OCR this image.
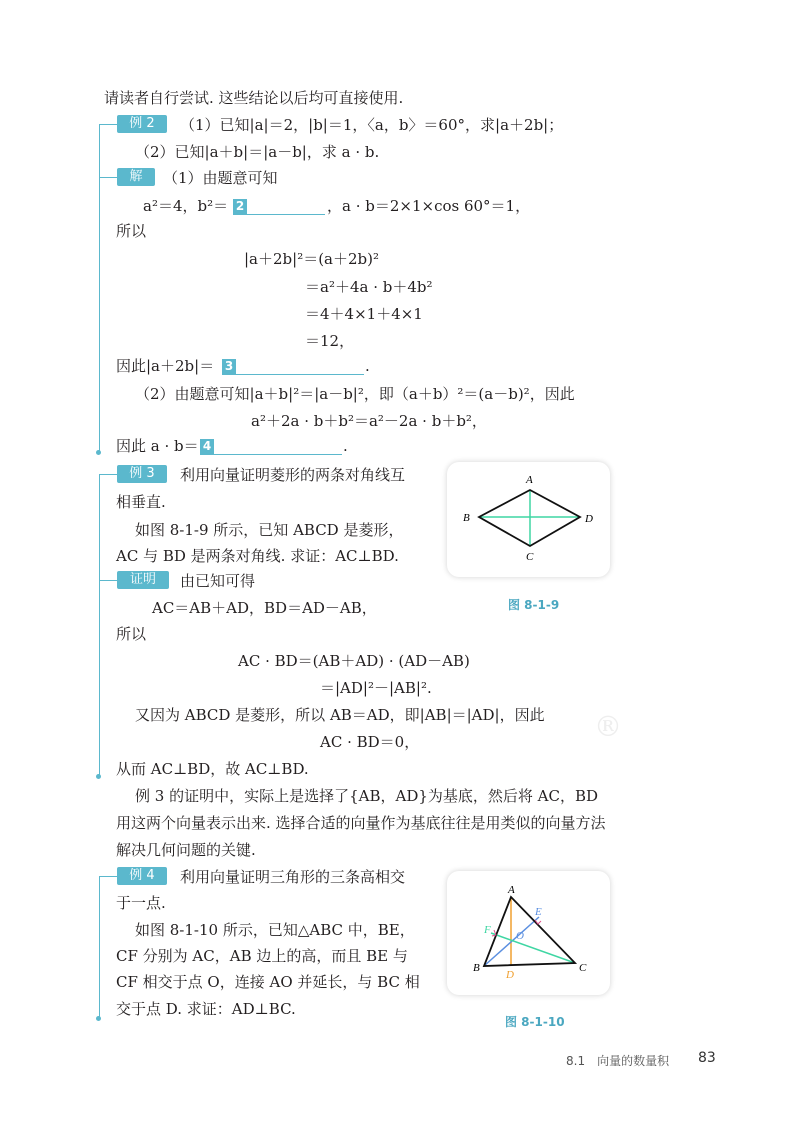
请读者自行尝试. 这些结论以后均可直接使用.
例 2	（1）已知|a|＝2，|b|＝1，〈a，b〉＝60°，求|a＋2b|；
（2）已知|a＋b|＝|a－b|，求 a · b.
解	（1）由题意可知
a²＝4，b²＝ 2	，a · b＝2×1×cos 60°＝1，
所以
|a＋2b|²＝(a＋2b)²
＝a²＋4a · b＋4b²
＝4＋4×1＋4×1
＝12，
因此|a＋2b|＝ 3	.
（2）由题意可知|a＋b|²＝|a－b|²，即（a＋b）²＝(a－b)²，因此
a²＋2a · b＋b²＝a²－2a · b＋b²，
因此 a · b＝ 4	.
例 3	利用向量证明菱形的两条对角线互
相垂直.
如图 8-1-9 所示，已知 ABCD 是菱形，
AC 与 BD 是两条对角线. 求证：AC⊥BD.
证明	由已知可得
AC＝AB＋AD，BD＝AD－AB，
所以
AC · BD＝(AB＋AD) · (AD－AB)
＝|AD|²－|AB|².
又因为 ABCD 是菱形，所以 AB＝AD，即|AB|＝|AD|，因此
AC · BD＝0，
从而 AC⊥BD，故 AC⊥BD.
A
B
C
D
图 8-1-9
®
例 3 的证明中，实际上是选择了{AB，AD}为基底，然后将 AC，BD
用这两个向量表示出来. 选择合适的向量作为基底往往是用类似的向量方法
解决几何问题的关键.
例 4	利用向量证明三角形的三条高相交
于一点.
如图 8-1-10 所示，已知△ABC 中，BE，
CF 分别为 AC，AB 边上的高，而且 BE 与
CF 相交于点 O，连接 AO 并延长，与 BC 相
交于点 D. 求证：AD⊥BC.
A
B	C
D
E
F O
图 8-1-10
8.1　向量的数量积 83
